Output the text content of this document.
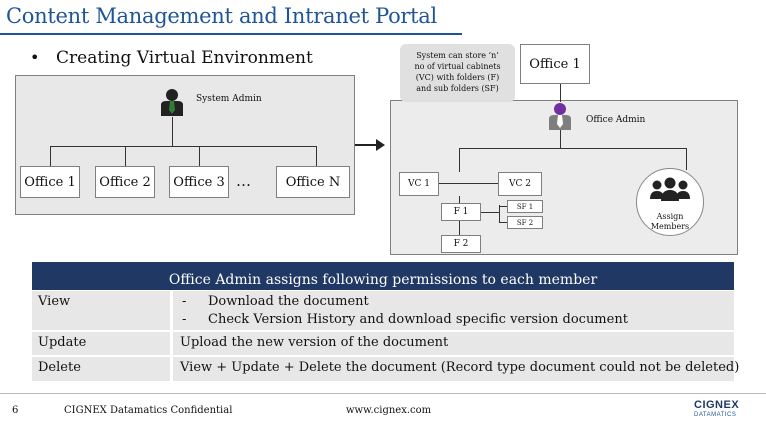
Content Management and Intranet Portal
• Creating Virtual Environment
System Admin
Office 1	Office 2	Office 3 …	Office N
System can store ‘n’
no of virtual cabinets
(VC) with folders (F)
and sub folders (SF)
Office 1
Office Admin
VC 1	VC 2
F 1
SF 1
SF 2
F 2
Assign
Members
Office Admin assigns following permissions to each member
View	- Download the document
- Check Version History and download specific version document
Update	Upload the new version of the document
Delete	View + Update + Delete the document (Record type document could not be deleted)
6	CIGNEX Datamatics Confidential	www.cignex.com	CIGNEX
DATAMATICS
